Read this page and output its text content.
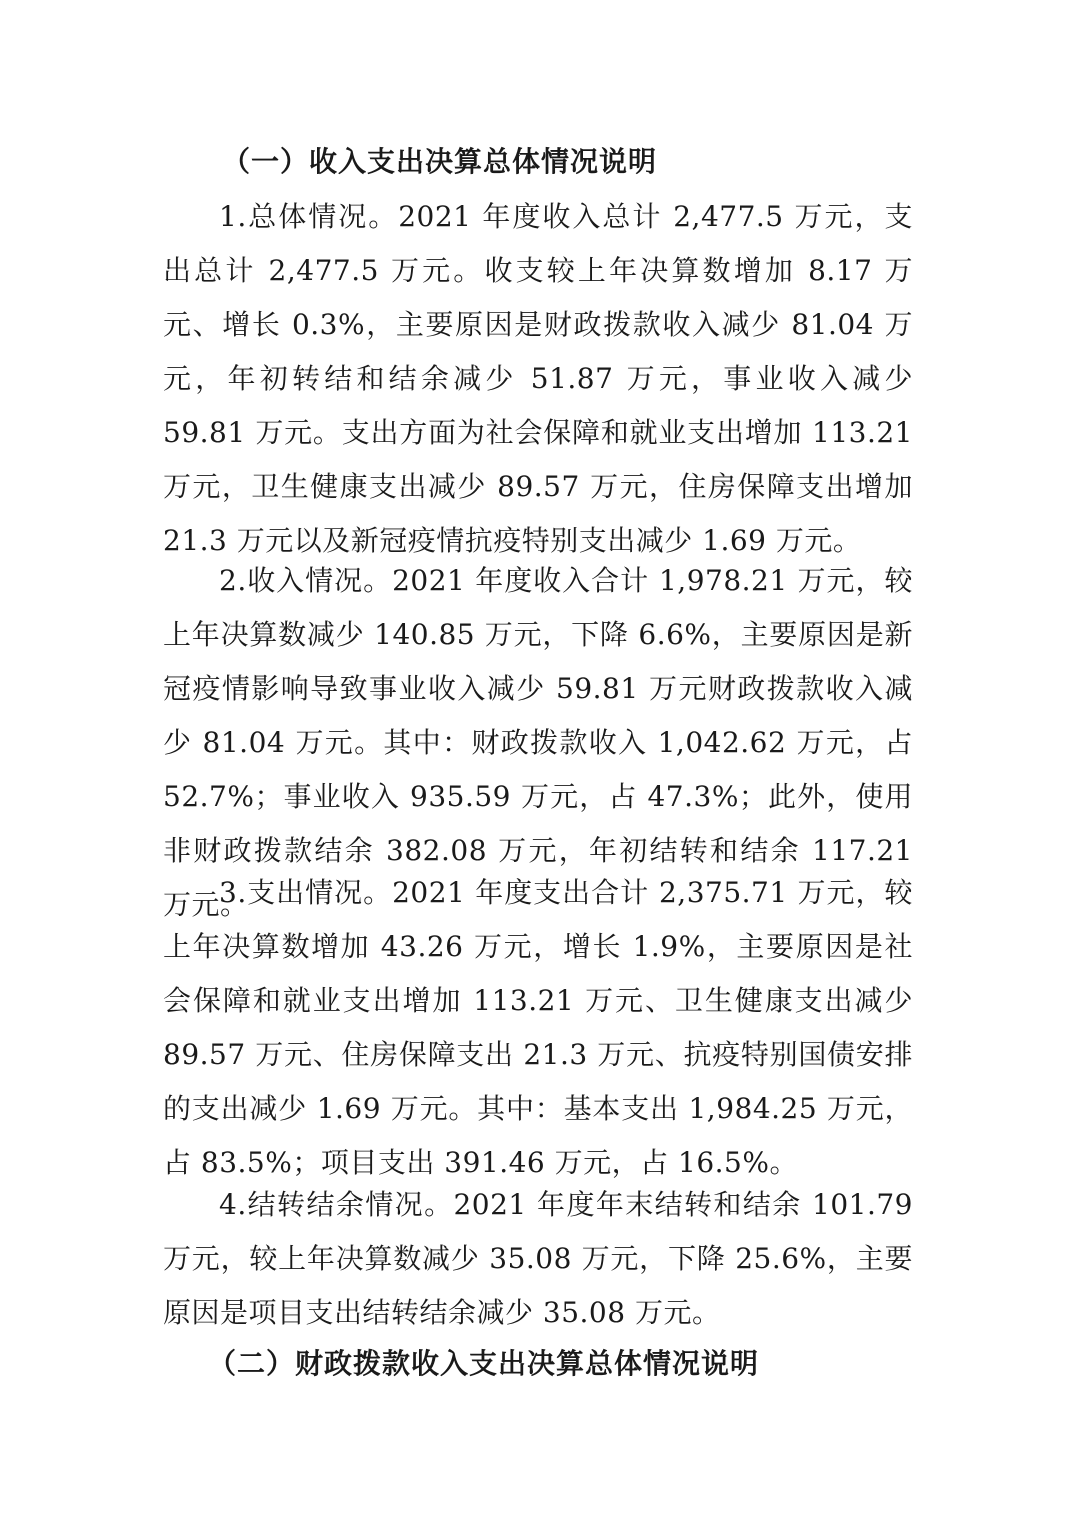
（一）收入支出决算总体情况说明

1.总体情况。2021 年度收入总计 2,477.5 万元，支出总计 2,477.5 万元。收支较上年决算数增加 8.17 万元、增长 0.3%，主要原因是财政拨款收入减少 81.04 万元，年初转结和结余减少 51.87 万元，事业收入减少 59.81 万元。支出方面为社会保障和就业支出增加 113.21 万元，卫生健康支出减少 89.57 万元，住房保障支出增加 21.3 万元以及新冠疫情抗疫特别支出减少 1.69 万元。

2.收入情况。2021 年度收入合计 1,978.21 万元，较上年决算数减少 140.85 万元，下降 6.6%，主要原因是新冠疫情影响导致事业收入减少 59.81 万元财政拨款收入减少 81.04 万元。其中：财政拨款收入 1,042.62 万元，占 52.7%；事业收入 935.59 万元，占 47.3%；此外，使用非财政拨款结余 382.08 万元，年初结转和结余 117.21 万元。

3.支出情况。2021 年度支出合计 2,375.71 万元，较上年决算数增加 43.26 万元，增长 1.9%，主要原因是社会保障和就业支出增加 113.21 万元、卫生健康支出减少 89.57 万元、住房保障支出 21.3 万元、抗疫特别国债安排的支出减少 1.69 万元。其中：基本支出 1,984.25 万元，占 83.5%；项目支出 391.46 万元，占 16.5%。

4.结转结余情况。2021 年度年末结转和结余 101.79 万元，较上年决算数减少 35.08 万元，下降 25.6%，主要原因是项目支出结转结余减少 35.08 万元。

（二）财政拨款收入支出决算总体情况说明
